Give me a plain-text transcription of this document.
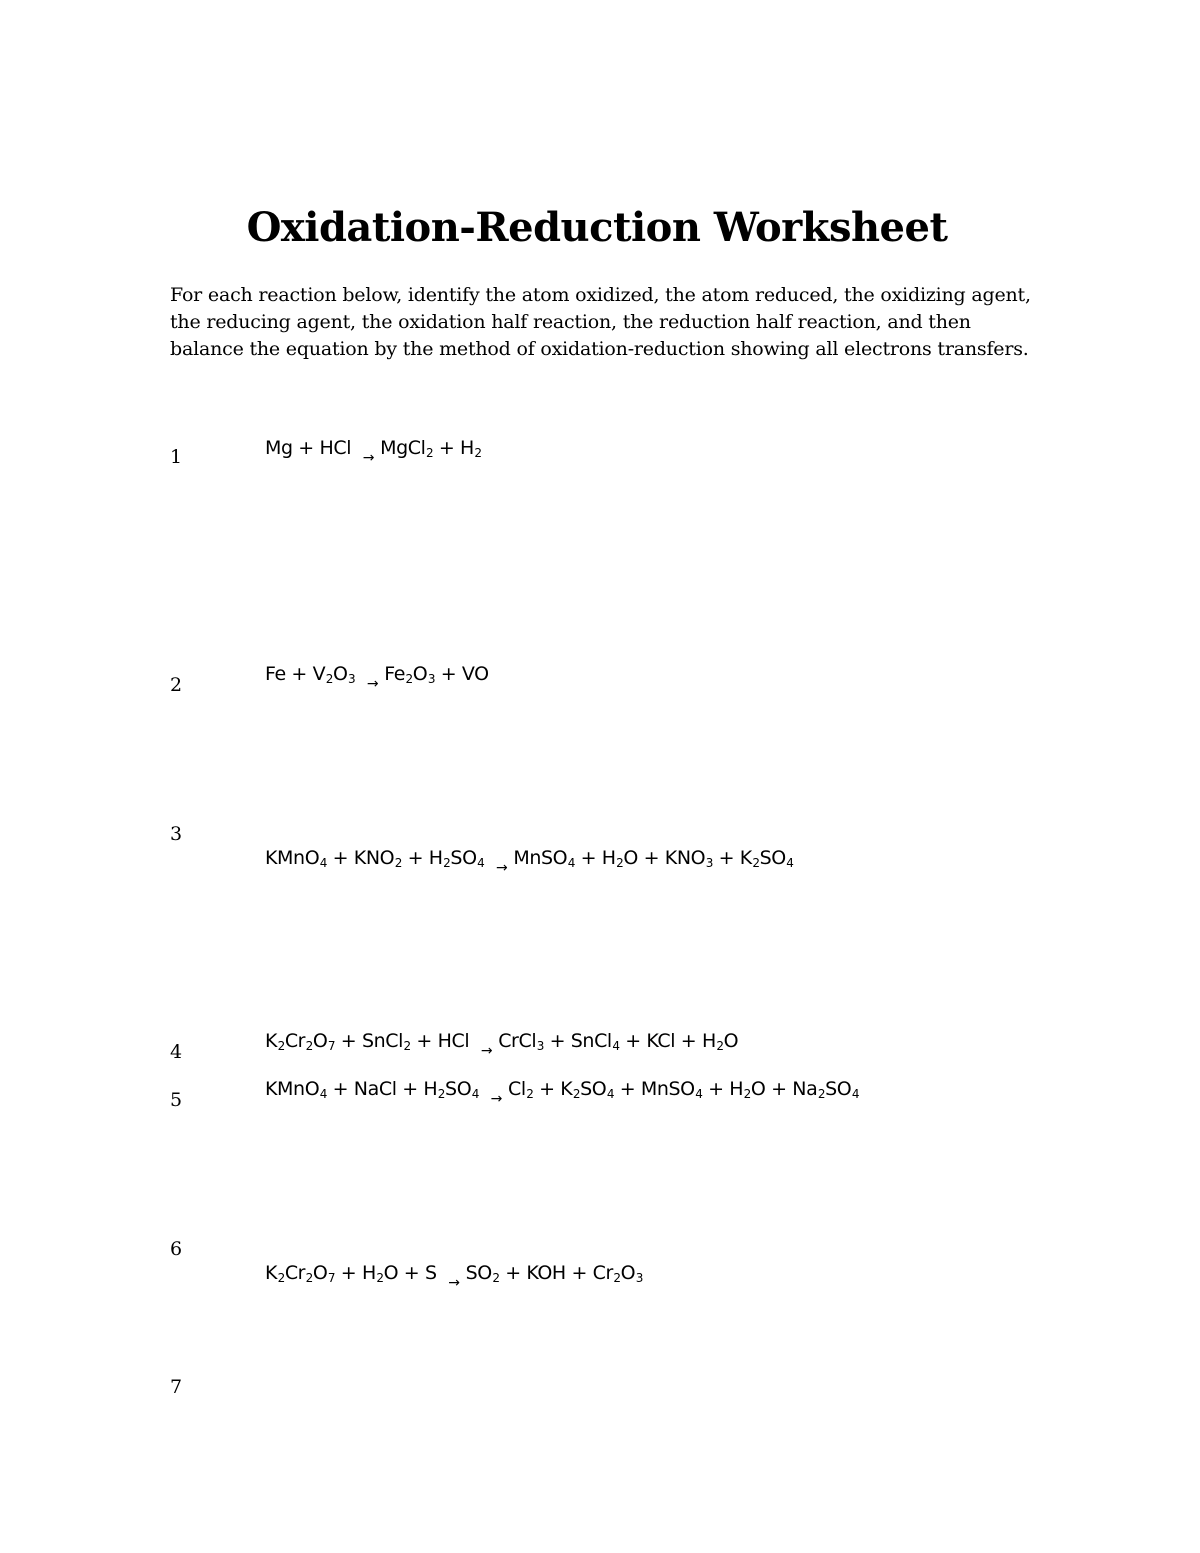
Oxidation-Reduction Worksheet
For each reaction below, identify the atom oxidized, the atom reduced, the oxidizing agent, the reducing agent, the oxidation half reaction, the reduction half reaction, and then balance the equation by the method of oxidation-reduction showing all electrons transfers.
1	Mg + HCl → MgCl$_2$ + $H_2$
2	$Fe + V_2O_3 \to Fe_2O_3$ + VO
3
KMnO$_4$ + $KNO_2 + H_2SO_4$ → MnSO$_4$ + $H_2O + KNO_3 + K_2SO_4$
4	$K_2Cr_2O_7$ + SnCl$_2$ + HCl → CrCl$_3$ + SnCl$_4$ + KCl + $H_2O$
5	KMnO$_4$ + NaCl + $H_2SO_4 \to Cl_2 + K_2SO_4$ + MnSO$_4$ + $H_2O + Na_2SO_4$
6
$K_2Cr_2O_7 + H_2O + S \to SO_2$ + KOH + $Cr_2O_3$
7
